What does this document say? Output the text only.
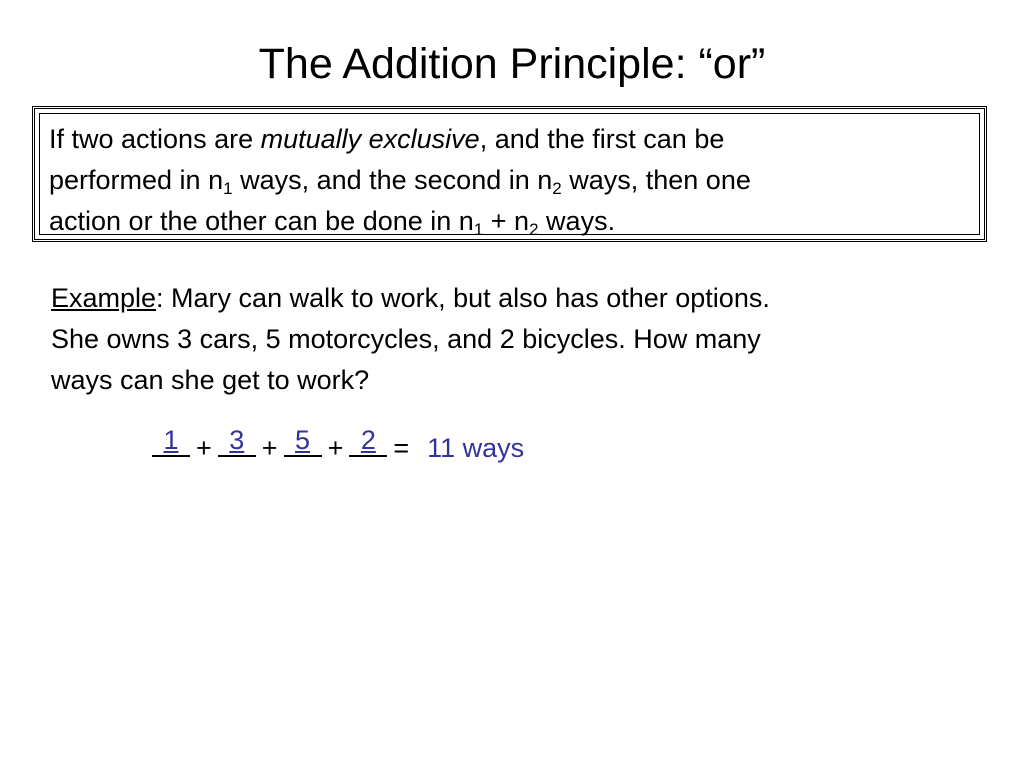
The Addition Principle: “or”
If two actions are mutually exclusive, and the first can be
performed in $n_1$ ways, and the second in $n_2$ ways, then one
action or the other can be done in $n_1 + n_2$ ways.
Example: Mary can walk to work, but also has other options.
She owns 3 cars, 5 motorcycles, and 2 bicycles. How many
ways can she get to work?
1 + 3 + 5 + 2 = 11 ways
